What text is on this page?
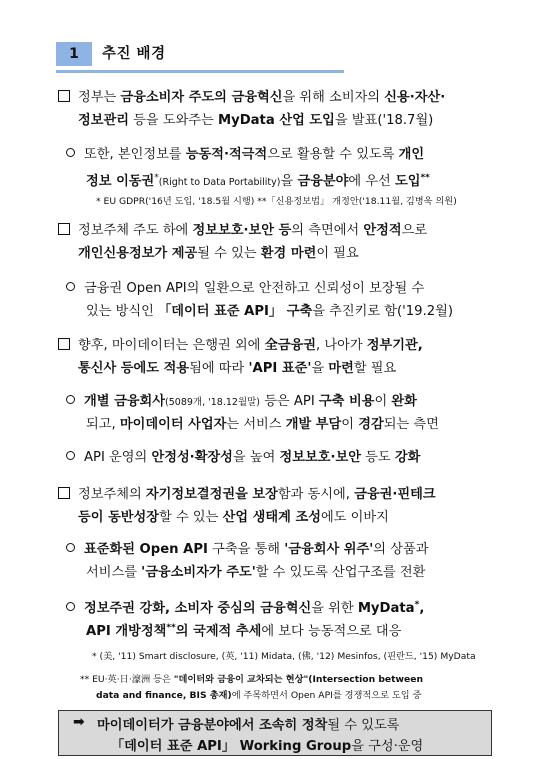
1	추진 배경
정부는 금융소비자 주도의 금융혁신을 위해 소비자의 신용·자산·
정보관리 등을 도와주는 MyData 산업 도입을 발표('18.7월)
또한, 본인정보를 능동적·적극적으로 활용할 수 있도록 개인
정보 이동권*(Right to Data Portability)을 금융분야에 우선 도입**
* EU GDPR('16년 도입, '18.5월 시행) **「신용정보법」 개정안('18.11월, 김병욱 의원)
정보주체 주도 하에 정보보호·보안 등의 측면에서 안정적으로
개인신용정보가 제공될 수 있는 환경 마련이 필요
금융권 Open API의 일환으로 안전하고 신뢰성이 보장될 수
있는 방식인 「데이터 표준 API」 구축을 추진키로 함('19.2월)
향후, 마이데이터는 은행권 외에 全금융권, 나아가 정부기관,
통신사 등에도 적용됨에 따라 'API 표준'을 마련할 필요
개별 금융회사(5089개, '18.12월말) 등은 API 구축 비용이 완화
되고, 마이데이터 사업자는 서비스 개발 부담이 경감되는 측면
API 운영의 안정성·확장성을 높여 정보보호·보안 등도 강화
정보주체의 자기정보결정권을 보장함과 동시에, 금융권·핀테크
등이 동반성장할 수 있는 산업 생태계 조성에도 이바지
표준화된 Open API 구축을 통해 '금융회사 위주'의 상품과
서비스를 '금융소비자가 주도'할 수 있도록 산업구조를 전환
정보주권 강화, 소비자 중심의 금융혁신을 위한 MyData*,
API 개방정책**의 국제적 추세에 보다 능동적으로 대응
* (美, '11) Smart disclosure, (英, '11) Midata, (佛, '12) Mesinfos, (핀란드, '15) MyData
** EU·英·日·濠洲 등은 "데이터와 금융이 교차되는 현상"(Intersection between
data and finance, BIS 총재)에 주목하면서 Open API를 경쟁적으로 도입 중
➡ 마이데이터가 금융분야에서 조속히 정착될 수 있도록
「데이터 표준 API」 Working Group을 구성·운영
